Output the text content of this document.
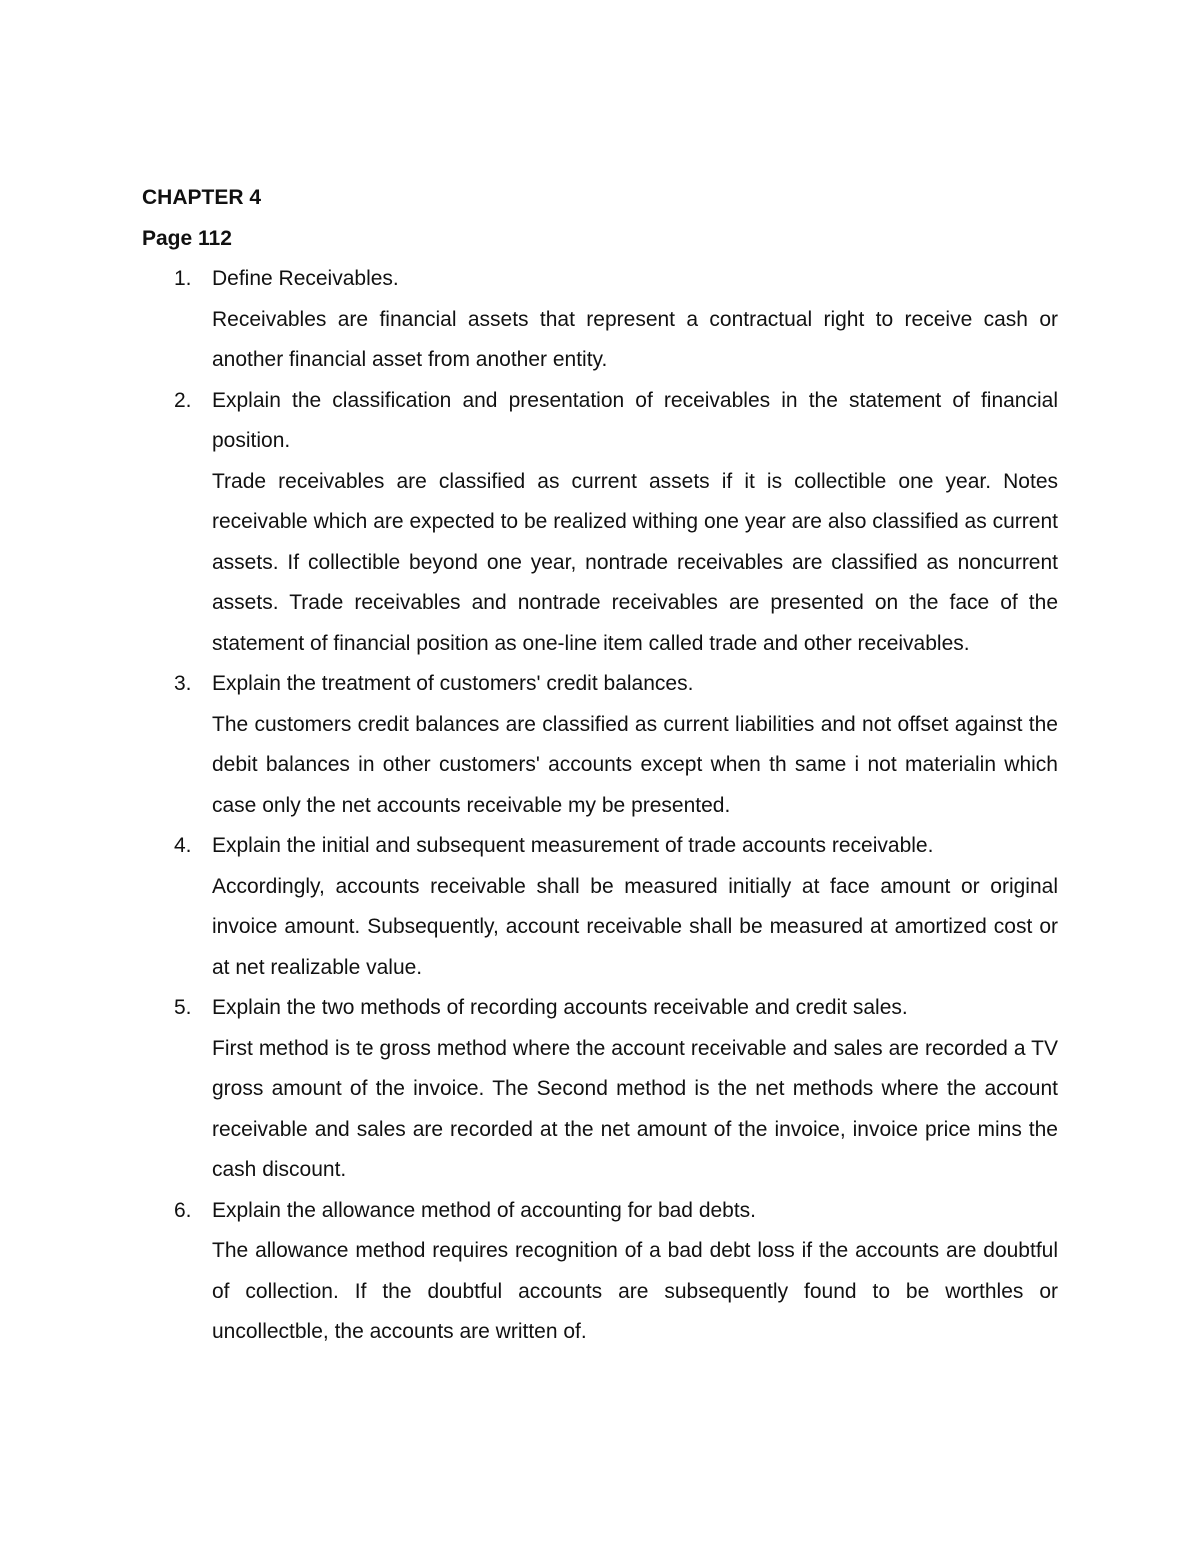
CHAPTER 4
Page 112
1. Define Receivables.
Receivables are financial assets that represent a contractual right to receive cash or another financial asset from another entity.
2. Explain the classification and presentation of receivables in the statement of financial position.
Trade receivables are classified as current assets if it is collectible one year. Notes receivable which are expected to be realized withing one year are also classified as current assets. If collectible beyond one year, nontrade receivables are classified as noncurrent assets. Trade receivables and nontrade receivables are presented on the face of the statement of financial position as one-line item called trade and other receivables.
3. Explain the treatment of customers' credit balances.
The customers credit balances are classified as current liabilities and not offset against the debit balances in other customers' accounts except when th same i not materialin which case only the net accounts receivable my be presented.
4. Explain the initial and subsequent measurement of trade accounts receivable.
Accordingly, accounts receivable shall be measured initially at face amount or original invoice amount. Subsequently, account receivable shall be measured at amortized cost or at net realizable value.
5. Explain the two methods of recording accounts receivable and credit sales.
First method is te gross method where the account receivable and sales are recorded a TV gross amount of the invoice. The Second method is the net methods where the account receivable and sales are recorded at the net amount of the invoice, invoice price mins the cash discount.
6. Explain the allowance method of accounting for bad debts.
The allowance method requires recognition of a bad debt loss if the accounts are doubtful of collection. If the doubtful accounts are subsequently found to be worthles or uncollectble, the accounts are written of.
